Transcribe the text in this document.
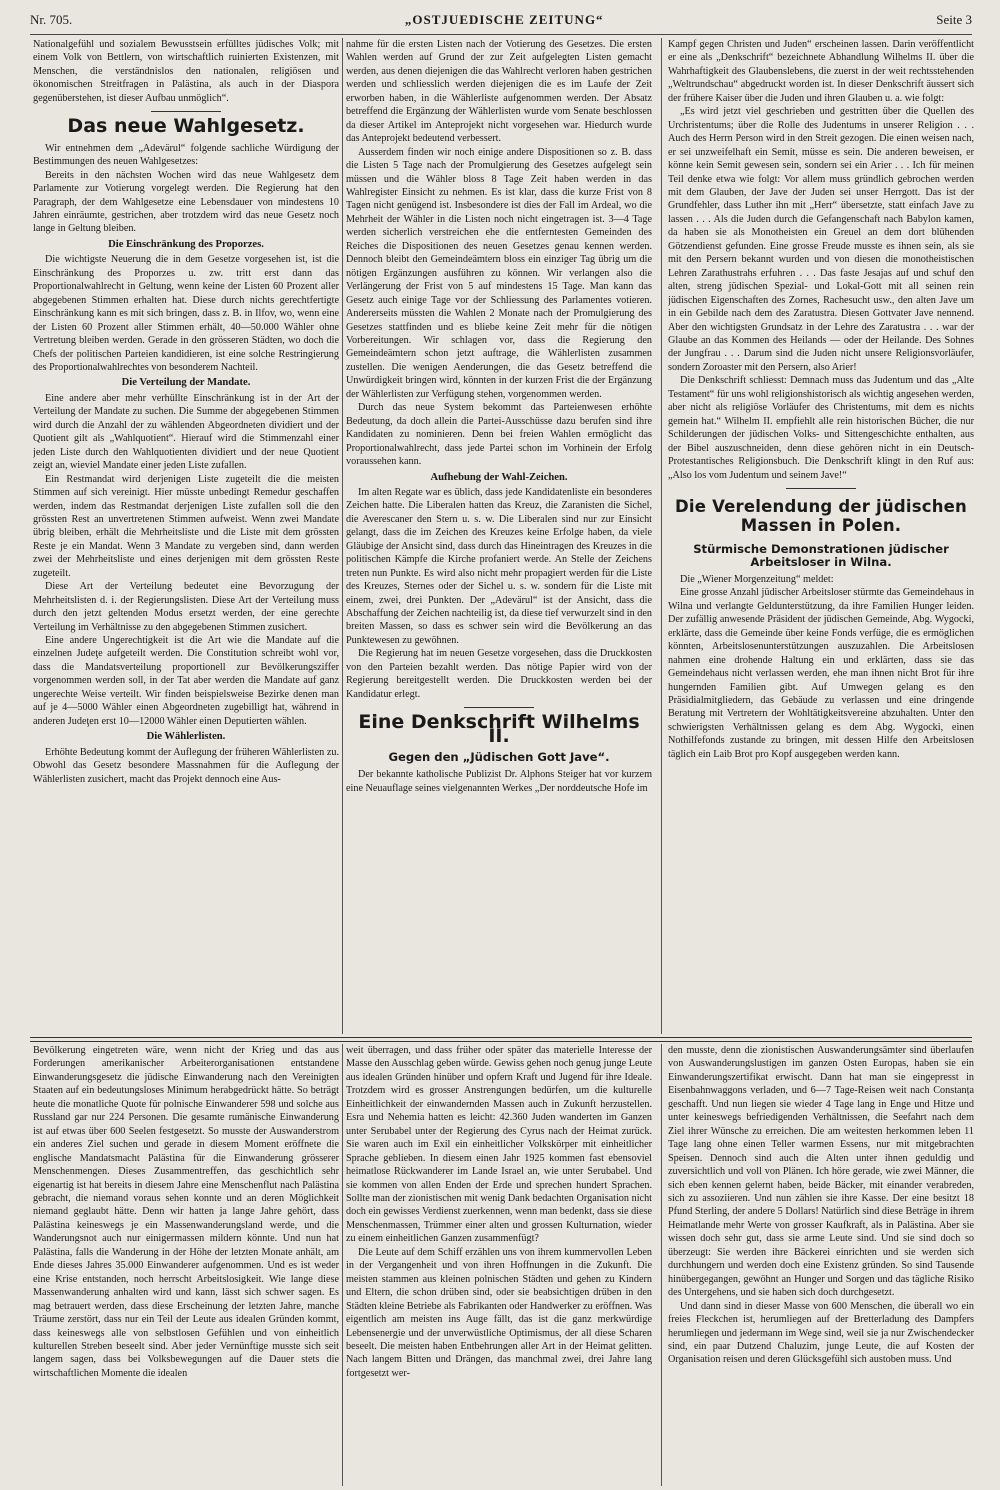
Nr. 705.	„OSTJUEDISCHE ZEITUNG“	Seite 3

Nationalgefühl und sozialem Bewusstsein erfülltes jüdisches Volk; mit einem Volk von Bettlern, von wirtschaftlich ruinierten Existenzen, mit Menschen, die verständnislos den nationalen, religiösen und ökonomischen Streitfragen in Palästina, als auch in der Diaspora gegenüberstehen, ist dieser Aufbau unmöglich“.

Das neue Wahlgesetz.

Wir entnehmen dem „Adevärul“ folgende sachliche Würdigung der Bestimmungen des neuen Wahlgesetzes:

Bereits in den nächsten Wochen wird das neue Wahlgesetz dem Parlamente zur Votierung vorgelegt werden. Die Regierung hat den Paragraph, der dem Wahlgesetze eine Lebensdauer von mindestens 10 Jahren einräumte, gestrichen, aber trotzdem wird das neue Gesetz noch lange in Geltung bleiben.

Die Einschränkung des Proporzes.

Die wichtigste Neuerung die in dem Gesetze vorgesehen ist, ist die Einschränkung des Proporzes u. zw. tritt erst dann das Proportionalwahlrecht in Geltung, wenn keine der Listen 60 Prozent aller abgegebenen Stimmen erhalten hat. Diese durch nichts gerechtfertigte Einschränkung kann es mit sich bringen, dass z. B. in Ilfov, wo, wenn eine der Listen 60 Prozent aller Stimmen erhält, 40—50.000 Wähler ohne Vertretung bleiben werden. Gerade in den grösseren Städten, wo doch die Chefs der politischen Parteien kandidieren, ist eine solche Restringierung des Proportionalwahlrechtes von besonderem Nachteil.

Die Verteilung der Mandate.

Eine andere aber mehr verhüllte Einschränkung ist in der Art der Verteilung der Mandate zu suchen. Die Summe der abgegebenen Stimmen wird durch die Anzahl der zu wählenden Abgeordneten dividiert und der Quotient gilt als „Wahlquotient“. Hierauf wird die Stimmenzahl einer jeden Liste durch den Wahlquotienten dividiert und der neue Quotient zeigt an, wieviel Mandate einer jeden Liste zufallen.

Ein Restmandat wird derjenigen Liste zugeteilt die die meisten Stimmen auf sich vereinigt. Hier müsste unbedingt Remedur geschaffen werden, indem das Restmandat derjenigen Liste zufallen soll die den grössten Rest an unvertretenen Stimmen aufweist. Wenn zwei Mandate übrig bleiben, erhält die Mehrheitsliste und die Liste mit dem grössten Reste je ein Mandat. Wenn 3 Mandate zu vergeben sind, dann werden zwei der Mehrheitsliste und eines derjenigen mit dem grössten Reste zugeteilt.

Diese Art der Verteilung bedeutet eine Bevorzugung der Mehrheitslisten d. i. der Regierungslisten. Diese Art der Verteilung muss durch den jetzt geltenden Modus ersetzt werden, der eine gerechte Verteilung im Verhältnisse zu den abgegebenen Stimmen zusichert.

Eine andere Ungerechtigkeit ist die Art wie die Mandate auf die einzelnen Judeţe aufgeteilt werden. Die Constitution schreibt wohl vor, dass die Mandatsverteilung proportionell zur Bevölkerungsziffer vorgenommen werden soll, in der Tat aber werden die Mandate auf ganz ungerechte Weise verteilt. Wir finden beispielsweise Bezirke denen man auf je 4—5000 Wähler einen Abgeordneten zugebilligt hat, während in anderen Judeţen erst 10—12000 Wähler einen Deputierten wählen.

Die Wählerlisten.

Erhöhte Bedeutung kommt der Auflegung der früheren Wählerlisten zu. Obwohl das Gesetz besondere Massnahmen für die Auflegung der Wählerlisten zusichert, macht das Projekt dennoch eine Aus-

nahme für die ersten Listen nach der Votierung des Gesetzes. Die ersten Wahlen werden auf Grund der zur Zeit aufgelegten Listen gemacht werden, aus denen diejenigen die das Wahlrecht verloren haben gestrichen werden und schliesslich werden diejenigen die es im Laufe der Zeit erworben haben, in die Wählerliste aufgenommen werden. Der Absatz betreffend die Ergänzung der Wählerlisten wurde vom Senate beschlossen da dieser Artikel im Anteprojekt nicht vorgesehen war. Hiedurch wurde das Anteprojekt bedeutend verbessert.

Ausserdem finden wir noch einige andere Dispositionen so z. B. dass die Listen 5 Tage nach der Promulgierung des Gesetzes aufgelegt sein müssen und die Wähler bloss 8 Tage Zeit haben werden in das Wahlregister Einsicht zu nehmen. Es ist klar, dass die kurze Frist von 8 Tagen nicht genügend ist. Insbesondere ist dies der Fall im Ardeal, wo die Mehrheit der Wähler in die Listen noch nicht eingetragen ist. 3—4 Tage werden sicherlich verstreichen ehe die entferntesten Gemeinden des Reiches die Dispositionen des neuen Gesetzes genau kennen werden. Dennoch bleibt den Gemeindeämtern bloss ein einziger Tag übrig um die nötigen Ergänzungen ausführen zu können. Wir verlangen also die Verlängerung der Frist von 5 auf mindestens 15 Tage. Man kann das Gesetz auch einige Tage vor der Schliessung des Parlamentes votieren. Andererseits müssten die Wahlen 2 Monate nach der Promulgierung des Gesetzes stattfinden und es bliebe keine Zeit mehr für die nötigen Vorbereitungen. Wir schlagen vor, dass die Regierung den Gemeindeämtern schon jetzt auftrage, die Wählerlisten zusammen zustellen. Die wenigen Aenderungen, die das Gesetz betreffend die Unwürdigkeit bringen wird, könnten in der kurzen Frist die der Ergänzung der Wählerlisten zur Verfügung stehen, vorgenommen werden.

Durch das neue System bekommt das Parteienwesen erhöhte Bedeutung, da doch allein die Partei-Ausschüsse dazu berufen sind ihre Kandidaten zu nominieren. Denn bei freien Wahlen ermöglicht das Proportionalwahlrecht, dass jede Partei schon im Vorhinein der Erfolg voraussehen kann.

Aufhebung der Wahl-Zeichen.

Im alten Regate war es üblich, dass jede Kandidatenliste ein besonderes Zeichen hatte. Die Liberalen hatten das Kreuz, die Zaranisten die Sichel, die Averescaner den Stern u. s. w. Die Liberalen sind nur zur Einsicht gelangt, dass die im Zeichen des Kreuzes keine Erfolge haben, da viele Gläubige der Ansicht sind, dass durch das Hineintragen des Kreuzes in die politischen Kämpfe die Kirche profaniert werde. An Stelle der Zeichens treten nun Punkte. Es wird also nicht mehr propagiert werden für die Liste des Kreuzes, Sternes oder der Sichel u. s. w. sondern für die Liste mit einem, zwei, drei Punkten. Der „Adevärul“ ist der Ansicht, dass die Abschaffung der Zeichen nachteilig ist, da diese tief verwurzelt sind in den breiten Massen, so dass es schwer sein wird die Bevölkerung an das Punktewesen zu gewöhnen.

Die Regierung hat im neuen Gesetze vorgesehen, dass die Druckkosten von den Parteien bezahlt werden. Das nötige Papier wird von der Regierung bereitgestellt werden. Die Druckkosten werden bei der Kandidatur erlegt.

Eine Denkschrift Wilhelms II.
Gegen den „Jüdischen Gott Jave“.

Der bekannte katholische Publizist Dr. Alphons Steiger hat vor kurzem eine Neuauflage seines vielgenannten Werkes „Der norddeutsche Hofe im

Kampf gegen Christen und Juden“ erscheinen lassen. Darin veröffentlicht er eine als „Denkschrift“ bezeichnete Abhandlung Wilhelms II. über die Wahrhaftigkeit des Glaubenslebens, die zuerst in der weit rechtsstehenden „Weltrundschau“ abgedruckt worden ist. In dieser Denkschrift äussert sich der frühere Kaiser über die Juden und ihren Glauben u. a. wie folgt:

„Es wird jetzt viel geschrieben und gestritten über die Quellen des Urchristentums; über die Rolle des Judentums in unserer Religion . . . Auch des Herrn Person wird in den Streit gezogen. Die einen weisen nach, er sei unzweifelhaft ein Semit, müsse es sein. Die anderen beweisen, er könne kein Semit gewesen sein, sondern sei ein Arier . . . Ich für meinen Teil denke etwa wie folgt: Vor allem muss gründlich gebrochen werden mit dem Glauben, der Jave der Juden sei unser Herrgott. Das ist der Grundfehler, dass Luther ihn mit „Herr“ übersetzte, statt einfach Jave zu lassen . . . Als die Juden durch die Gefangenschaft nach Babylon kamen, da haben sie als Monotheisten ein Greuel an dem dort blühenden Götzendienst gefunden. Eine grosse Freude musste es ihnen sein, als sie mit den Persern bekannt wurden und von diesen die monotheistischen Lehren Zarathustrahs erfuhren . . . Das faste Jesajas auf und schuf den alten, streng jüdischen Spezial- und Lokal-Gott mit all seinen rein jüdischen Eigenschaften des Zornes, Rachesucht usw., den alten Jave um in ein Gebilde nach dem des Zaratustra. Diesen Gottvater Jave nennend. Aber den wichtigsten Grundsatz in der Lehre des Zaratustra . . . war der Glaube an das Kommen des Heilands — oder der Heilande. Des Sohnes der Jungfrau . . . Darum sind die Juden nicht unsere Religionsvorläufer, sondern Zoroaster mit den Persern, also Arier!

Die Denkschrift schliesst: Demnach muss das Judentum und das „Alte Testament“ für uns wohl religionshistorisch als wichtig angesehen werden, aber nicht als religiöse Vorläufer des Christentums, mit dem es nichts gemein hat.“ Wilhelm II. empfiehlt alle rein historischen Bücher, die nur Schilderungen der jüdischen Volks- und Sittengeschichte enthalten, aus der Bibel auszuschneiden, denn diese gehören nicht in ein Deutsch-Protestantisches Religionsbuch. Die Denkschrift klingt in den Ruf aus: „Also los vom Judentum und seinem Jave!“

Die Verelendung der jüdischen Massen in Polen.
Stürmische Demonstrationen jüdischer Arbeitsloser in Wilna.

Die „Wiener Morgenzeitung“ meldet:

Eine grosse Anzahl jüdischer Arbeitsloser stürmte das Gemeindehaus in Wilna und verlangte Geldunterstützung, da ihre Familien Hunger leiden. Der zufällig anwesende Präsident der jüdischen Gemeinde, Abg. Wygocki, erklärte, dass die Gemeinde über keine Fonds verfüge, die es ermöglichen könnten, Arbeitslosenunterstützungen auszuzahlen. Die Arbeitslosen nahmen eine drohende Haltung ein und erklärten, dass sie das Gemeindehaus nicht verlassen werden, ehe man ihnen nicht Brot für ihre hungernden Familien gibt. Auf Umwegen gelang es den Präsidialmitgliedern, das Gebäude zu verlassen und eine dringende Beratung mit Vertretern der Wohltätigkeitsvereine abzuhalten. Unter den schwierigsten Verhältnissen gelang es dem Abg. Wygocki, einen Nothilfefonds zustande zu bringen, mit dessen Hilfe den Arbeitslosen täglich ein Laib Brot pro Kopf ausgegeben werden kann.

Bevölkerung eingetreten wäre, wenn nicht der Krieg und das aus Forderungen amerikanischer Arbeiterorganisationen entstandene Einwanderungsgesetz die jüdische Einwanderung nach den Vereinigten Staaten auf ein bedeutungsloses Minimum herabgedrückt hätte. So beträgt heute die monatliche Quote für polnische Einwanderer 598 und solche aus Russland gar nur 224 Personen. Die gesamte rumänische Einwanderung ist auf etwas über 600 Seelen festgesetzt. So musste der Auswanderstrom ein anderes Ziel suchen und gerade in diesem Moment eröffnete die englische Mandatsmacht Palästina für die Einwanderung grösserer Menschenmengen. Dieses Zusammentreffen, das geschichtlich sehr eigenartig ist hat bereits in diesem Jahre eine Menschenflut nach Palästina gebracht, die niemand voraus sehen konnte und an deren Möglichkeit niemand geglaubt hätte. Denn wir hatten ja lange Jahre gehört, dass Palästina keineswegs je ein Massenwanderungsland werde, und die Wanderungsnot auch nur einigermassen mildern könnte. Und nun hat Palästina, falls die Wanderung in der Höhe der letzten Monate anhält, am Ende dieses Jahres 35.000 Einwanderer aufgenommen. Und es ist weder eine Krise entstanden, noch herrscht Arbeitslosigkeit. Wie lange diese Massenwanderung anhalten wird und kann, lässt sich schwer sagen. Es mag betrauert werden, dass diese Erscheinung der letzten Jahre, manche Träume zerstört, dass nur ein Teil der Leute aus idealen Gründen kommt, dass keineswegs alle von selbstlosen Gefühlen und von einheitlich kulturellen Streben beseelt sind. Aber jeder Vernünftige musste sich seit langem sagen, dass bei Volksbewegungen auf die Dauer stets die wirtschaftlichen Momente die idealen

weit überragen, und dass früher oder später das materielle Interesse der Masse den Ausschlag geben würde. Gewiss gehen noch genug junge Leute aus idealen Gründen hinüber und opfern Kraft und Jugend für ihre Ideale. Trotzdem wird es grosser Anstrengungen bedürfen, um die kulturelle Einheitlichkeit der einwandernden Massen auch in Zukunft herzustellen. Esra und Nehemia hatten es leicht: 42.360 Juden wanderten im Ganzen unter Serubabel unter der Regierung des Cyrus nach der Heimat zurück. Sie waren auch im Exil ein einheitlicher Volkskörper mit einheitlicher Sprache geblieben. In diesem einen Jahr 1925 kommen fast ebensoviel heimatlose Rückwanderer im Lande Israel an, wie unter Serubabel. Und sie kommen von allen Enden der Erde und sprechen hundert Sprachen. Sollte man der zionistischen mit wenig Dank bedachten Organisation nicht doch ein gewisses Verdienst zuerkennen, wenn man bedenkt, dass sie diese Menschenmassen, Trümmer einer alten und grossen Kulturnation, wieder zu einem einheitlichen Ganzen zusammenfügt?

Die Leute auf dem Schiff erzählen uns von ihrem kummervollen Leben in der Vergangenheit und von ihren Hoffnungen in die Zukunft. Die meisten stammen aus kleinen polnischen Städten und gehen zu Kindern und Eltern, die schon drüben sind, oder sie beabsichtigen drüben in den Städten kleine Betriebe als Fabrikanten oder Handwerker zu eröffnen. Was eigentlich am meisten ins Auge fällt, das ist die ganz merkwürdige Lebensenergie und der unverwüstliche Optimismus, der all diese Scharen beseelt. Die meisten haben Entbehrungen aller Art in der Heimat gelitten. Nach langem Bitten und Drängen, das manchmal zwei, drei Jahre lang fortgesetzt wer-

den musste, denn die zionistischen Auswanderungsämter sind überlaufen von Auswanderungslustigen im ganzen Osten Europas, haben sie ein Einwanderungszertifikat erwischt. Dann hat man sie eingepresst in Eisenbahnwaggons verladen, und 6—7 Tage-Reisen weit nach Constanța geschafft. Und nun liegen sie wieder 4 Tage lang in Enge und Hitze und unter keineswegs befriedigenden Verhältnissen, die Seefahrt nach dem Ziel ihrer Wünsche zu erreichen. Die am weitesten herkommen leben 11 Tage lang ohne einen Teller warmen Essens, nur mit mitgebrachten Speisen. Dennoch sind auch die Alten unter ihnen geduldig und zuversichtlich und voll von Plänen. Ich höre gerade, wie zwei Männer, die sich eben kennen gelernt haben, beide Bäcker, mit einander verabreden, sich zu assoziieren. Und nun zählen sie ihre Kasse. Der eine besitzt 18 Pfund Sterling, der andere 5 Dollars! Natürlich sind diese Beträge in ihrem Heimatlande mehr Werte von grosser Kaufkraft, als in Palästina. Aber sie wissen doch sehr gut, dass sie arme Leute sind. Und sie sind doch so überzeugt: Sie werden ihre Bäckerei einrichten und sie werden sich durchhungern und werden doch eine Existenz gründen. So sind Tausende hinübergegangen, gewöhnt an Hunger und Sorgen und das tägliche Risiko des Untergehens, und sie haben sich doch durchgesetzt.

Und dann sind in dieser Masse von 600 Menschen, die überall wo ein freies Fleckchen ist, herumliegen auf der Bretterladung des Dampfers herumliegen und jedermann im Wege sind, weil sie ja nur Zwischendecker sind, ein paar Dutzend Chaluzim, junge Leute, die auf Kosten der Organisation reisen und deren Glücksgefühl sich austoben muss. Und
